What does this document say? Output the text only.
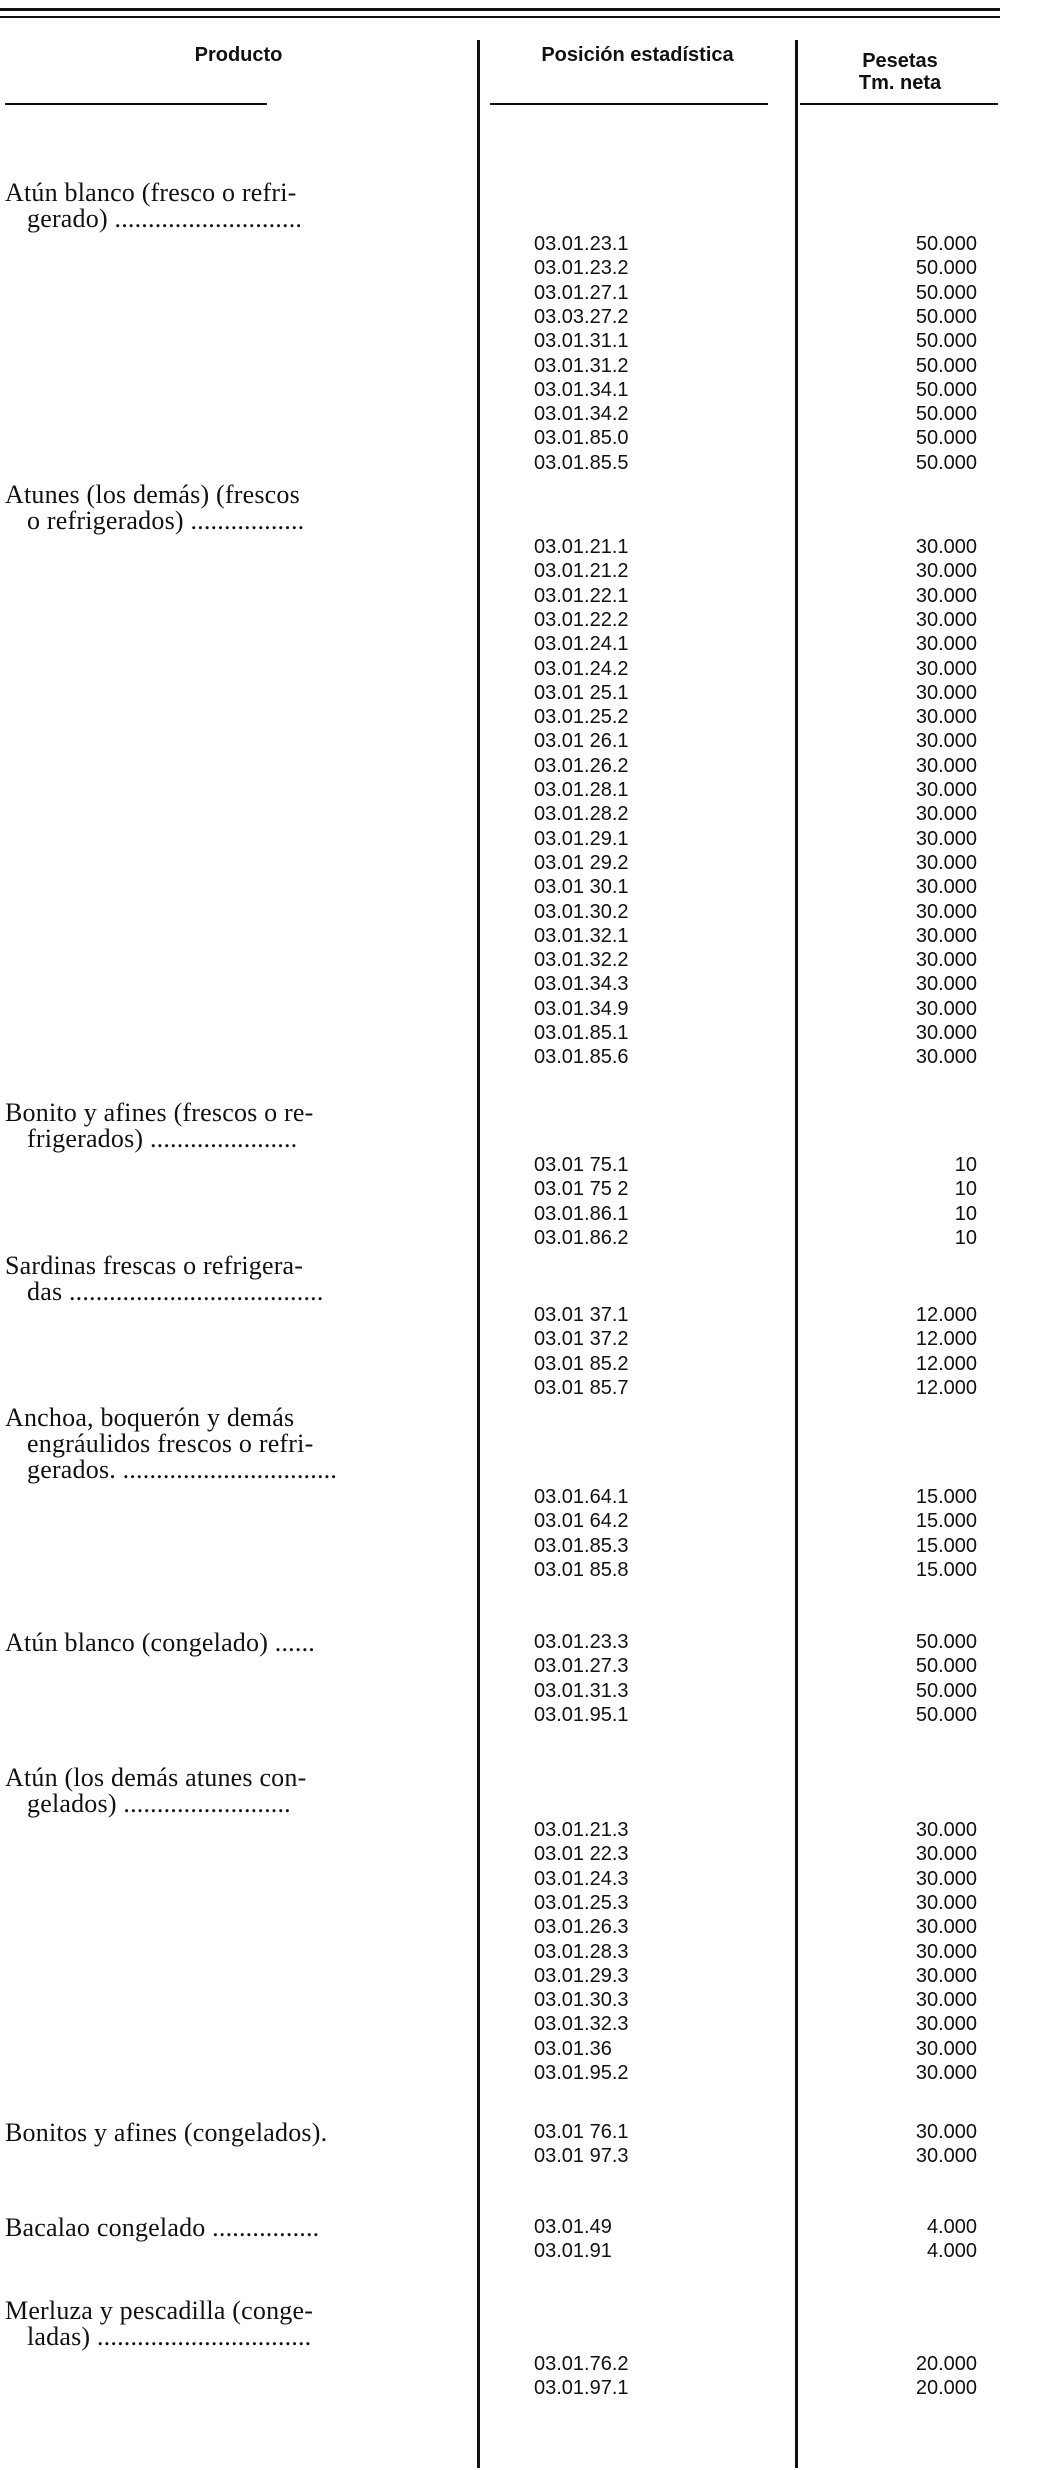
Producto	Posición estadística	Pesetas
Tm. neta
Atún blanco (fresco o refri-
gerado) ............................
03.01.23.1	50.000
03.01.23.2	50.000
03.01.27.1	50.000
03.03.27.2	50.000
03.01.31.1	50.000
03.01.31.2	50.000
03.01.34.1	50.000
03.01.34.2	50.000
03.01.85.0	50.000
03.01.85.5	50.000
Atunes (los demás) (frescos
o refrigerados) .................
03.01.21.1	30.000
03.01.21.2	30.000
03.01.22.1	30.000
03.01.22.2	30.000
03.01.24.1	30.000
03.01.24.2	30.000
03.01 25.1	30.000
03.01.25.2	30.000
03.01 26.1	30.000
03.01.26.2	30.000
03.01.28.1	30.000
03.01.28.2	30.000
03.01.29.1	30.000
03.01 29.2	30.000
03.01 30.1	30.000
03.01.30.2	30.000
03.01.32.1	30.000
03.01.32.2	30.000
03.01.34.3	30.000
03.01.34.9	30.000
03.01.85.1	30.000
03.01.85.6	30.000
Bonito y afines (frescos o re-
frigerados) ......................
03.01 75.1	10
03.01 75 2	10
03.01.86.1	10
03.01.86.2	10
Sardinas frescas o refrigera-
das ......................................
03.01 37.1	12.000
03.01 37.2	12.000
03.01 85.2	12.000
03.01 85.7	12.000
Anchoa, boquerón y demás
engráulidos frescos o refri-
gerados. ................................
03.01.64.1	15.000
03.01 64.2	15.000
03.01.85.3	15.000
03.01 85.8	15.000
Atún blanco (congelado) ......	03.01.23.3	50.000
03.01.27.3	50.000
03.01.31.3	50.000
03.01.95.1	50.000
Atún (los demás atunes con-
gelados) .........................
03.01.21.3	30.000
03.01 22.3	30.000
03.01.24.3	30.000
03.01.25.3	30.000
03.01.26.3	30.000
03.01.28.3	30.000
03.01.29.3	30.000
03.01.30.3	30.000
03.01.32.3	30.000
03.01.36	30.000
03.01.95.2	30.000
Bonitos y afines (congelados).	03.01 76.1	30.000
03.01 97.3	30.000
Bacalao congelado ................	03.01.49	4.000
03.01.91	4.000
Merluza y pescadilla (conge-
ladas) ................................
03.01.76.2	20.000
03.01.97.1	20.000
